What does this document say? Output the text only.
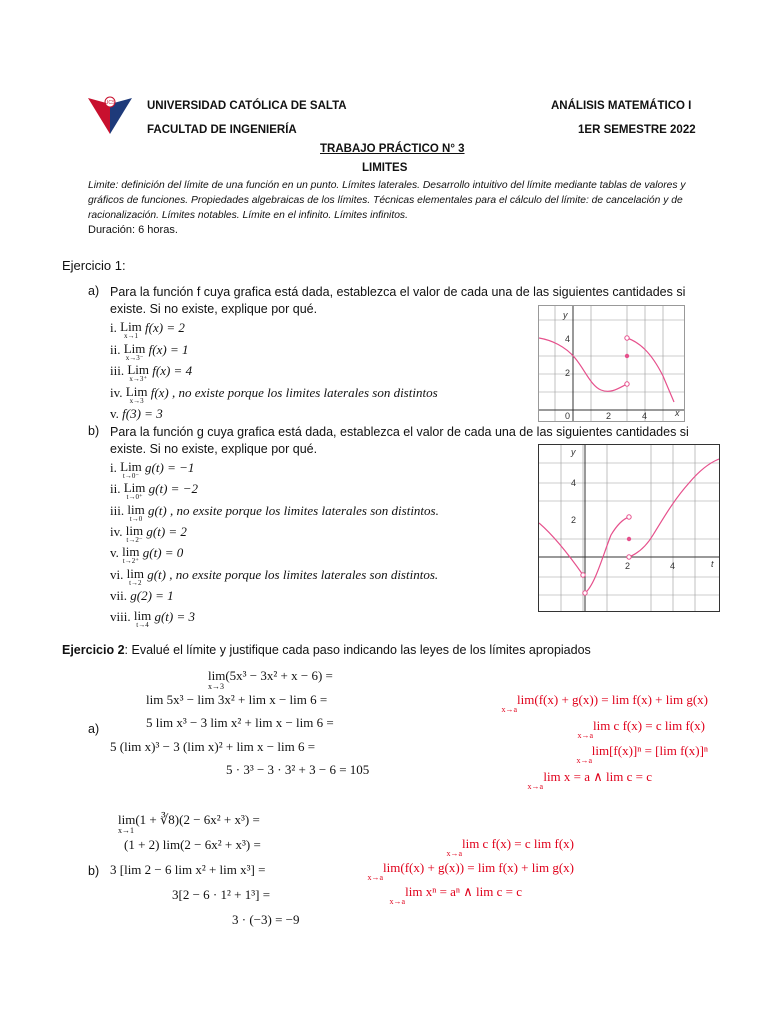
UCS	UNIVERSIDAD CATÓLICA DE SALTA
FACULTAD DE INGENIERÍA
ANÁLISIS MATEMÁTICO I
1ER SEMESTRE 2022
TRABAJO PRÁCTICO N° 3
LIMITES
Limite: definición del límite de una función en un punto. Límites laterales. Desarrollo intuitivo del límite mediante tablas de valores y gráficos de funciones. Propiedades algebraicas de los límites. Técnicas elementales para el cálculo del límite: de cancelación y de racionalización. Límites notables. Límite en el infinito. Límites infinitos.
Duración: 6 horas.
Ejercicio 1:
a) Para la función f cuya grafica está dada, establezca el valor de cada una de las siguientes cantidades si existe. Si no existe, explique por qué.
i. Lim
x→1
f(x) = 2
ii. Lim
x→3⁻
f(x) = 1
iii. Lim
x→3⁺
f(x) = 4
iv. Lim
x→3
f(x) , no existe porque los limites laterales son distintos
v. f(3) = 3
y
4
2
0	2	4	x
b) Para la función g cuya grafica está dada, establezca el valor de cada una de las siguientes cantidades si existe. Si no existe, explique por qué.
i. Lim
t→0⁻
g(t) = −1
ii. Lim
t→0⁺
g(t) = −2
iii. lim
t→0
g(t) , no exsite porque los limites laterales son distintos.
iv. lim
t→2⁻
g(t) = 2
v. lim
t→2⁺
g(t) = 0
vi. lim
t→2
g(t) , no exsite porque los limites laterales son distintos.
vii. g(2) = 1
viii. lim
t→4
g(t) = 3
y
4
2
2	4	t
Ejercicio 2: Evalué el límite y justifique cada paso indicando las leyes de los límites apropiados
a)
lim(5x³ − 3x² + x − 6) =
lim 5x³ − lim 3x² + lim x − lim 6 =
5 lim x³ − 3 lim x² + lim x − lim 6 =
5 (lim x)³ − 3 (lim x)² + lim x − lim 6 =
5 · 3³ − 3 · 3² + 3 − 6 = 105
x→3
lim(f(x) + g(x)) = lim f(x) + lim g(x)
x→a
lim c f(x) = c lim f(x)
x→a
lim[f(x)]ⁿ = [lim f(x)]ⁿ
x→a
lim x = a ∧ lim c = c
x→a
b)
lim(1 + ∛8)(2 − 6x² + x³) =
(1 + 2) lim(2 − 6x² + x³) =
3 [lim 2 − 6 lim x² + lim x³] =
3[2 − 6 · 1² + 1³] =
3 · (−3) = −9
x→1
lim c f(x) = c lim f(x)
x→a
lim(f(x) + g(x)) = lim f(x) + lim g(x)
x→a
lim xⁿ = aⁿ ∧ lim c = c
x→a
